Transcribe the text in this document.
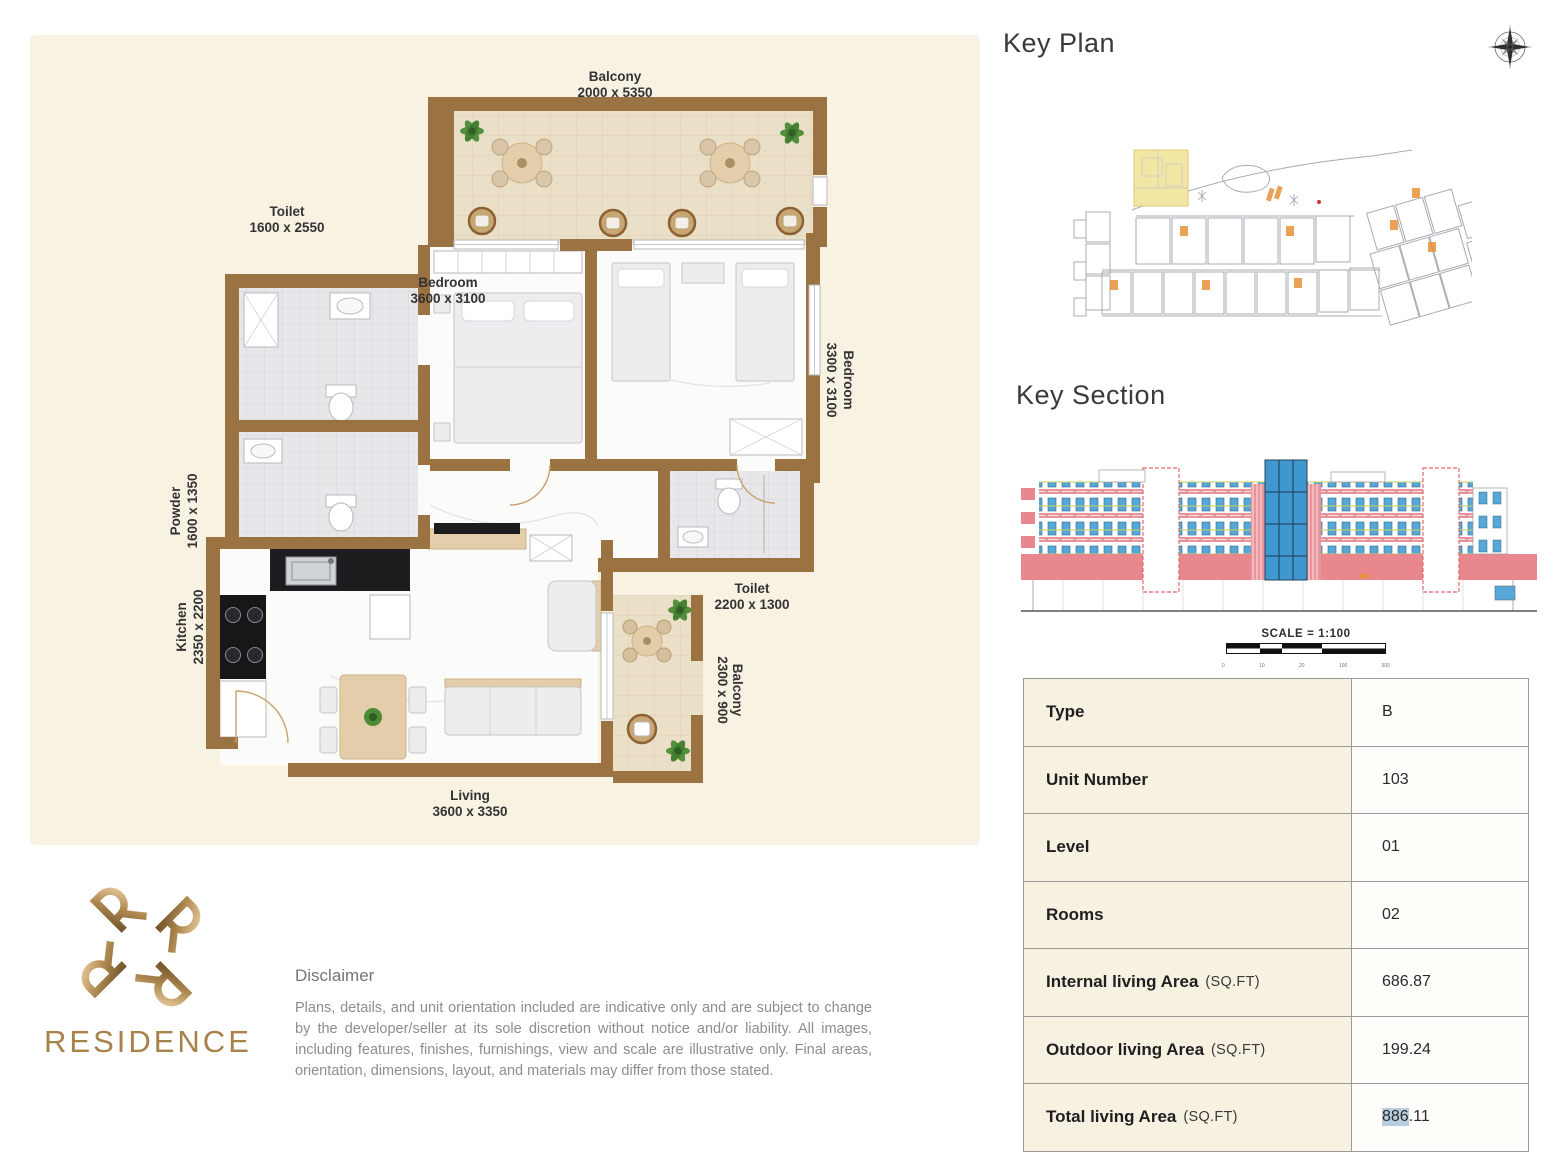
Balcony
2000 x 5350
Toilet
1600 x 2550
Bedroom
3600 x 3100
Bedroom
3300 x 3100
Powder 1600 x 1350
Kitchen 2350 x 2200
Toilet
2200 x 1300
Balcony
2300 x 900
Living
3600 x 3350
Key Plan
Key Section
SCALE = 1:100
0	10	20	100	500
Type	B
Unit Number	103
Level	01
Rooms	02
Internal living Area (SQ.FT)	686.87
Outdoor living Area (SQ.FT)	199.24
Total living Area (SQ.FT)	886 .11
RESIDENCE
Disclaimer

Plans, details, and unit orientation included are indicative only and are subject to change by the developer/seller at its sole discretion without notice and/or liability. All images, including features, finishes, furnishings, view and scale are illustrative only. Final areas, orientation, dimensions, layout, and materials may differ from those stated.
